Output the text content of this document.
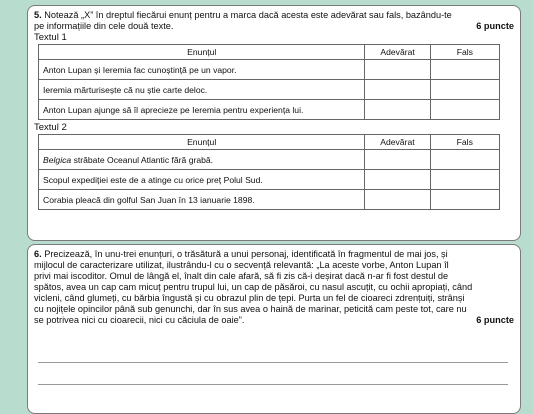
5. Notează „X” în dreptul fiecărui enunț pentru a marca dacă acesta este adevărat sau fals, bazându-te
pe informațiile din cele două texte.	6 puncte

Textul 1

Enunțul	Adevărat	Fals
Anton Lupan și Ieremia fac cunoștință pe un vapor.		
Ieremia mărturisește că nu știe carte deloc.		
Anton Lupan ajunge să îl aprecieze pe Ieremia pentru experiența lui.		

Textul 2

Enunțul	Adevărat	Fals
Belgica străbate Oceanul Atlantic fără grabă.		
Scopul expediției este de a atinge cu orice preț Polul Sud.		
Corabia pleacă din golful San Juan în 13 ianuarie 1898.		
6. Precizează, în unu-trei enunțuri, o trăsătură a unui personaj, identificată în fragmentul de mai jos, și
mijlocul de caracterizare utilizat, ilustrându-l cu o secvență relevantă: „La aceste vorbe, Anton Lupan îl
privi mai iscoditor. Omul de lângă el, înalt din cale afară, să fi zis că-i deșirat dacă n-ar fi fost destul de
spătos, avea un cap cam micuț pentru trupul lui, un cap de păsăroi, cu nasul ascuțit, cu ochii apropiați, când
vicleni, când glumeți, cu bărbia îngustă și cu obrazul plin de țepi. Purta un fel de cioareci zdrențuiți, strânși
cu nojițele opincilor până sub genunchi, dar în sus avea o haină de marinar, peticită cam peste tot, care nu
se potrivea nici cu cioarecii, nici cu căciula de oaie”.	6 puncte
